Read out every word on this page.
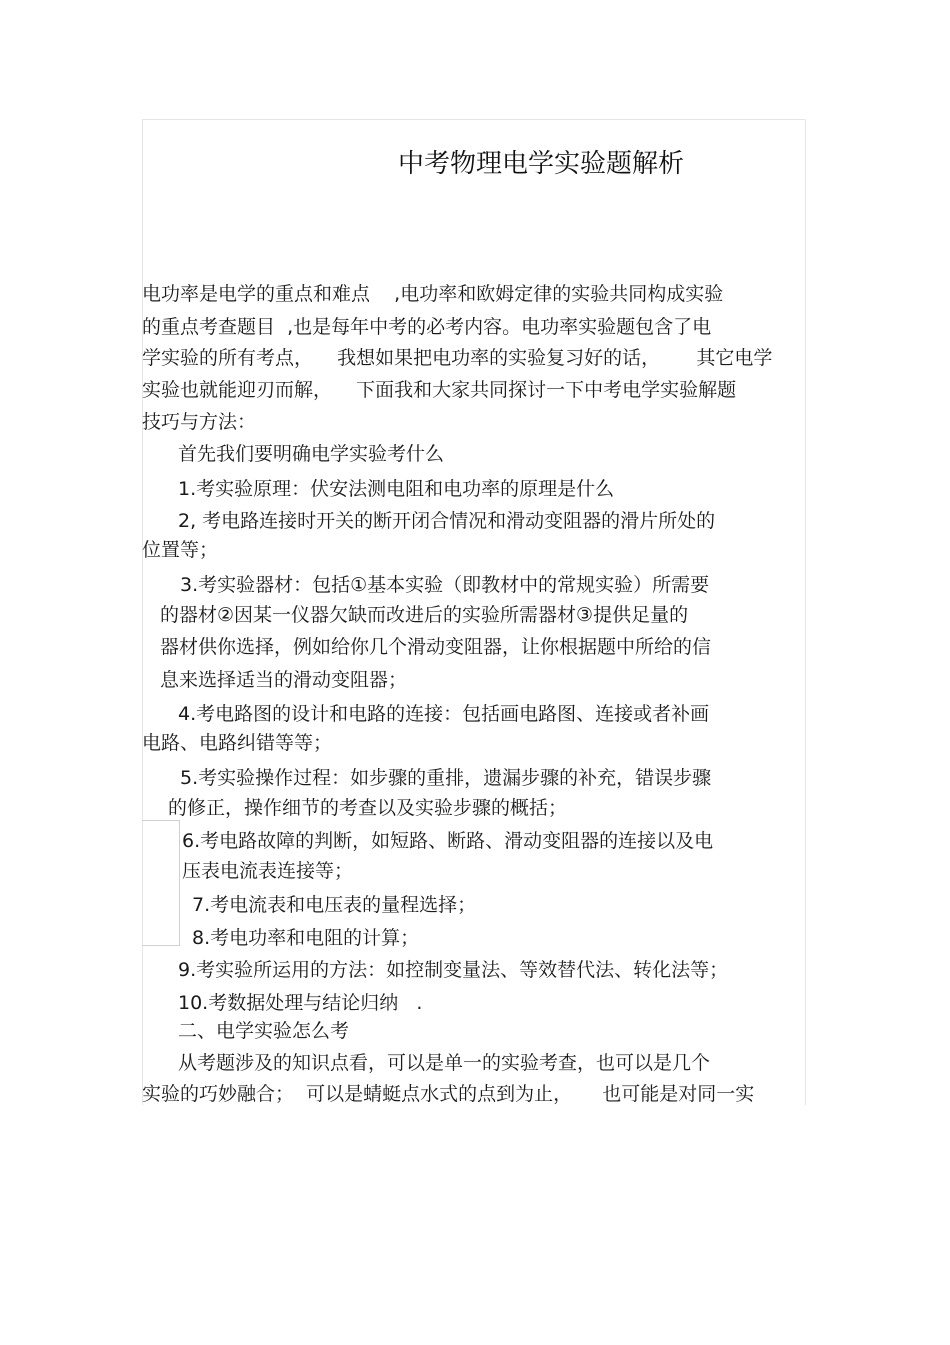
中考物理电学实验题解析
电功率是电学的重点和难点    ,电功率和欧姆定律的实验共同构成实验
的重点考查题目  ,也是每年中考的必考内容。电功率实验题包含了电
学实验的所有考点，    我想如果把电功率的实验复习好的话，      其它电学
实验也就能迎刃而解，    下面我和大家共同探讨一下中考电学实验解题
技巧与方法：
首先我们要明确电学实验考什么
1.考实验原理：伏安法测电阻和电功率的原理是什么
2, 考电路连接时开关的断开闭合情况和滑动变阻器的滑片所处的
位置等；
3.考实验器材：包括①基本实验（即教材中的常规实验）所需要
的器材②因某一仪器欠缺而改进后的实验所需器材③提供足量的
器材供你选择，例如给你几个滑动变阻器，让你根据题中所给的信
息来选择适当的滑动变阻器；
4.考电路图的设计和电路的连接：包括画电路图、连接或者补画
电路、电路纠错等等；
5.考实验操作过程：如步骤的重排，遗漏步骤的补充，错误步骤
的修正，操作细节的考查以及实验步骤的概括；
6.考电路故障的判断，如短路、断路、滑动变阻器的连接以及电
压表电流表连接等；
7.考电流表和电压表的量程选择；
8.考电功率和电阻的计算；
9.考实验所运用的方法：如控制变量法、等效替代法、转化法等；
10.考数据处理与结论归纳   .
二、电学实验怎么考
从考题涉及的知识点看，可以是单一的实验考查，也可以是几个
实验的巧妙融合；  可以是蜻蜓点水式的点到为止，     也可能是对同一实
